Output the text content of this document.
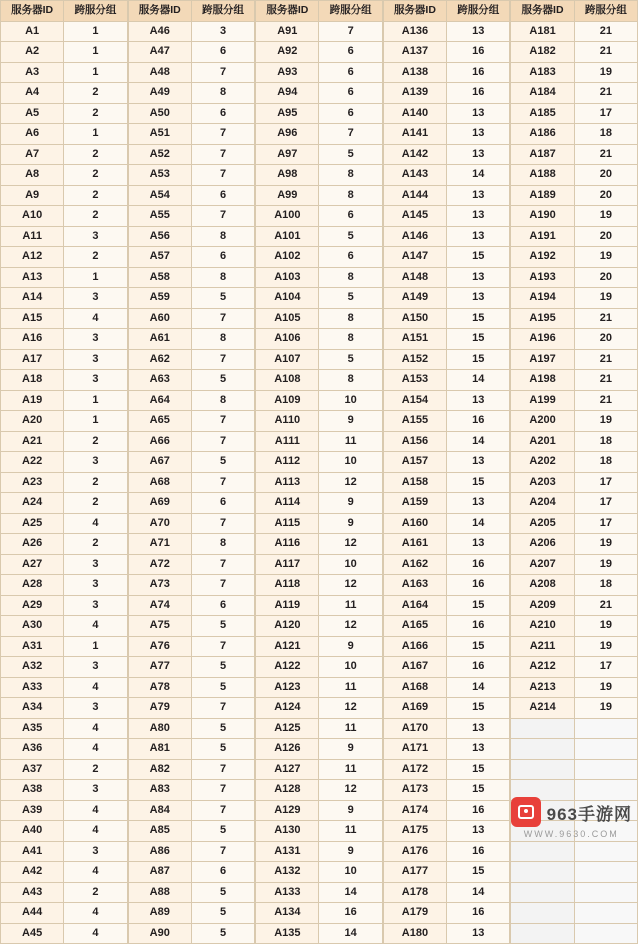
服务器ID	跨服分组
A1	1
A2	1
A3	1
A4	2
A5	2
A6	1
A7	2
A8	2
A9	2
A10	2
A11	3
A12	2
A13	1
A14	3
A15	4
A16	3
A17	3
A18	3
A19	1
A20	1
A21	2
A22	3
A23	2
A24	2
A25	4
A26	2
A27	3
A28	3
A29	3
A30	4
A31	1
A32	3
A33	4
A34	3
A35	4
A36	4
A37	2
A38	3
A39	4
A40	4
A41	3
A42	4
A43	2
A44	4
A45	4
服务器ID	跨服分组
A46	3
A47	6
A48	7
A49	8
A50	6
A51	7
A52	7
A53	7
A54	6
A55	7
A56	8
A57	6
A58	8
A59	5
A60	7
A61	8
A62	7
A63	5
A64	8
A65	7
A66	7
A67	5
A68	7
A69	6
A70	7
A71	8
A72	7
A73	7
A74	6
A75	5
A76	7
A77	5
A78	5
A79	7
A80	5
A81	5
A82	7
A83	7
A84	7
A85	5
A86	7
A87	6
A88	5
A89	5
A90	5
服务器ID	跨服分组
A91	7
A92	6
A93	6
A94	6
A95	6
A96	7
A97	5
A98	8
A99	8
A100	6
A101	5
A102	6
A103	8
A104	5
A105	8
A106	8
A107	5
A108	8
A109	10
A110	9
A111	11
A112	10
A113	12
A114	9
A115	9
A116	12
A117	10
A118	12
A119	11
A120	12
A121	9
A122	10
A123	11
A124	12
A125	11
A126	9
A127	11
A128	12
A129	9
A130	11
A131	9
A132	10
A133	14
A134	16
A135	14
服务器ID	跨服分组
A136	13
A137	16
A138	16
A139	16
A140	13
A141	13
A142	13
A143	14
A144	13
A145	13
A146	13
A147	15
A148	13
A149	13
A150	15
A151	15
A152	15
A153	14
A154	13
A155	16
A156	14
A157	13
A158	15
A159	13
A160	14
A161	13
A162	16
A163	16
A164	15
A165	16
A166	15
A167	16
A168	14
A169	15
A170	13
A171	13
A172	15
A173	15
A174	16
A175	13
A176	16
A177	15
A178	14
A179	16
A180	13
服务器ID	跨服分组
A181	21
A182	21
A183	19
A184	21
A185	17
A186	18
A187	21
A188	20
A189	20
A190	19
A191	20
A192	19
A193	20
A194	19
A195	21
A196	20
A197	21
A198	21
A199	21
A200	19
A201	18
A202	18
A203	17
A204	17
A205	17
A206	19
A207	19
A208	18
A209	21
A210	19
A211	19
A212	17
A213	19
A214	19

963手游网
WWW.9630.COM
